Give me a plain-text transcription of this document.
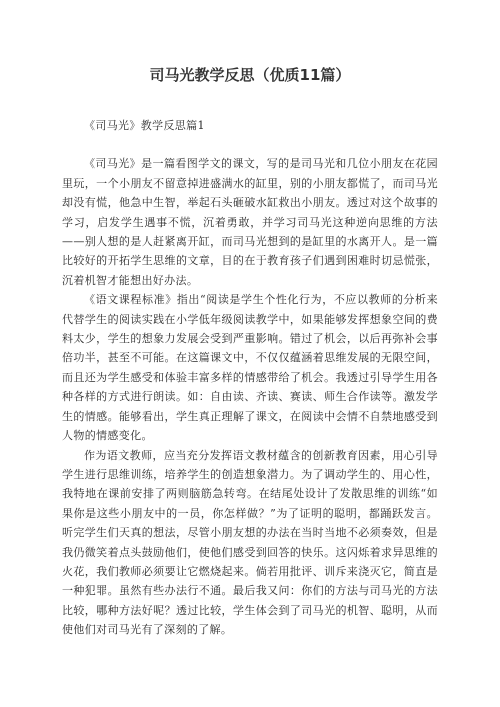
司马光教学反思（优质11篇）

《司马光》教学反思篇1

《司马光》是一篇看图学文的课文，写的是司马光和几位小朋友在花园里玩，一个小朋友不留意掉进盛满水的缸里，别的小朋友都慌了，而司马光却没有慌，他急中生智，举起石头砸破水缸救出小朋友。透过对这个故事的学习，启发学生遇事不慌，沉着勇敢，并学习司马光这种逆向思维的方法——别人想的是人赶紧离开缸，而司马光想到的是缸里的水离开人。是一篇比较好的开拓学生思维的文章，目的在于教育孩子们遇到困难时切忌慌张，沉着机智才能想出好办法。

《语文课程标准》指出“阅读是学生个性化行为，不应以教师的分析来代替学生的阅读实践在小学低年级阅读教学中，如果能够发挥想象空间的费料太少，学生的想象力发展会受到严重影响。错过了机会，以后再弥补会事倍功半，甚至不可能。在这篇课文中，不仅仅蕴涵着思维发展的无限空间，而且还为学生感受和体验丰富多样的情感带给了机会。我透过引导学生用各种各样的方式进行朗读。如：自由读、齐读、赛读、师生合作读等。激发学生的情感。能够看出，学生真正理解了课文，在阅读中会情不自禁地感受到人物的情感变化。

作为语文教师，应当充分发挥语文教材蕴含的创新教育因素，用心引导学生进行思维训练，培养学生的创造想象潜力。为了调动学生的、用心性，我特地在课前安排了两则脑筋急转弯。在结尾处设计了发散思维的训练“如果你是这些小朋友中的一员，你怎样做？”为了证明的聪明，都踊跃发言。听完学生们天真的想法，尽管小朋友想的办法在当时当地不必须奏效，但是我仍微笑着点头鼓励他们，使他们感受到回答的快乐。这闪烁着求异思维的火花，我们教师必须要让它燃烧起来。倘若用批评、训斥来浇灭它，简直是一种犯罪。虽然有些办法行不通。最后我又问：你们的方法与司马光的方法比较，哪种方法好呢？透过比较，学生体会到了司马光的机智、聪明，从而使他们对司马光有了深刻的了解。
